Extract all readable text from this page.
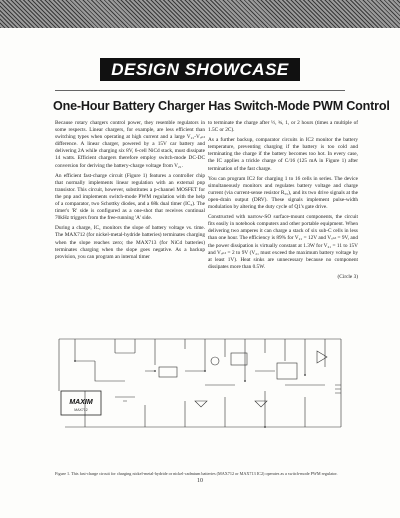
DESIGN SHOWCASE
One-Hour Battery Charger Has Switch-Mode PWM Control

Because rotary chargers control power, they resemble regulators in some respects. Linear chargers, for example, are less efficient than switching types when operating at high current and a large V₂₁-Vₒₙₜ difference. A linear charger, powered by a 15V car battery and delivering 2A while charging six 8V, 6-cell NiCd stack, must dissipate 14 watts. Efficient chargers therefore employ switch-mode DC-DC conversion for deriving the battery-charge voltage from V₂₁.

An efficient fast-charge circuit (Figure 1) features a controller chip that normally implements linear regulation with an external pnp transistor. This circuit, however, substitutes a p-channel MOSFET for the pnp and implements switch-mode PWM regulation with the help of a comparator, two Schottky diodes, and a 68k dual timer (IC₃). The timer's 'R' side is configured as a one-shot that receives continual 70kHz triggers from the free-running 'A' side.

During a charge, IC₁ monitors the slope of battery voltage vs. time. The MAX712 (for nickel-metal-hydride batteries) terminates charging when the slope reaches zero; the MAX713 (for NiCd batteries) terminates charging when the slope goes negative. As a backup provision, you can program an internal timer

to terminate the charge after ½, ¾, 1, or 2 hours (times a multiple of 1.5C or 2C).

As a further backup, comparator circuits in IC2 monitor the battery temperature, preventing charging if the battery is too cold and terminating the charge if the battery becomes too hot. In every case, the IC applies a trickle charge of C/16 (125 mA in Figure 1) after termination of the fast charge.

You can program IC2 for charging 1 to 16 cells in series. The device simultaneously monitors and regulates battery voltage and charge current (via current-sense resistor R₅₅), and its two drive signals at the open-drain output (DRV). These signals implement pulse-width modulation by altering the duty cycle of Q1's gate drive.

Constructed with narrow-SO surface-mount components, the circuit fits easily in notebook computers and other portable equipment. When delivering two amperes it can charge a stack of six sub-C cells in less than one hour. The efficiency is 89% for V₂₁ = 12V and Vₒₙₜ = 9V, and the power dissipation is virtually constant at 1.3W for V₂₁ = 11 to 15V and Vₒₙₜ = 2 to 9V (V₂₁ must exceed the maximum battery voltage by at least 1V). Heat sinks are unnecessary because no component dissipates more than 0.5W.

(Circle 3)

MAXIM
MAX712
Figure 1. This fast-charge circuit for charging nickel-metal-hydride or nickel-cadmium batteries (MAX712 or MAX713 IC2) operates as a switch-mode PWM regulator.
10
